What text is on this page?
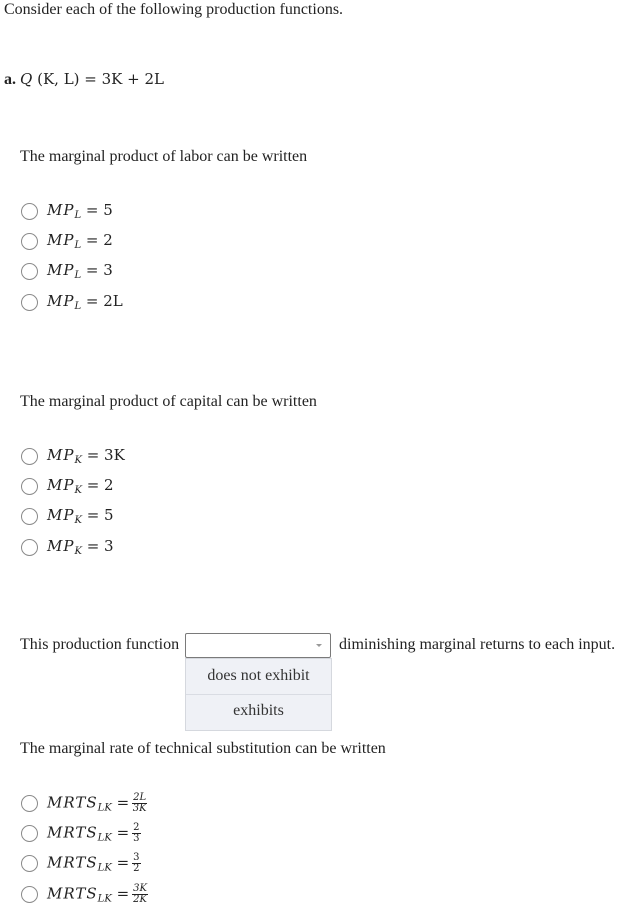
Consider each of the following production functions.
a. Q (K, L) = 3K + 2L
The marginal product of labor can be written
$MP_L = 5$
$MP_L = 2$
$MP_L = 3$
$MP_L = 2L$
The marginal product of capital can be written
$MP_K = 3K$
$MP_K = 2$
$MP_K = 5$
$MP_K = 3$
This production function	diminishing marginal returns to each input.
does not exhibit
exhibits
The marginal rate of technical substitution can be written
$MRTS_{LK} = \frac{2L}{3K}$
$MRTS_{LK} = \frac{2}{3}$
$MRTS_{LK} = \frac{3}{2}$
$MRTS_{LK} = \frac{3K}{2K}$
